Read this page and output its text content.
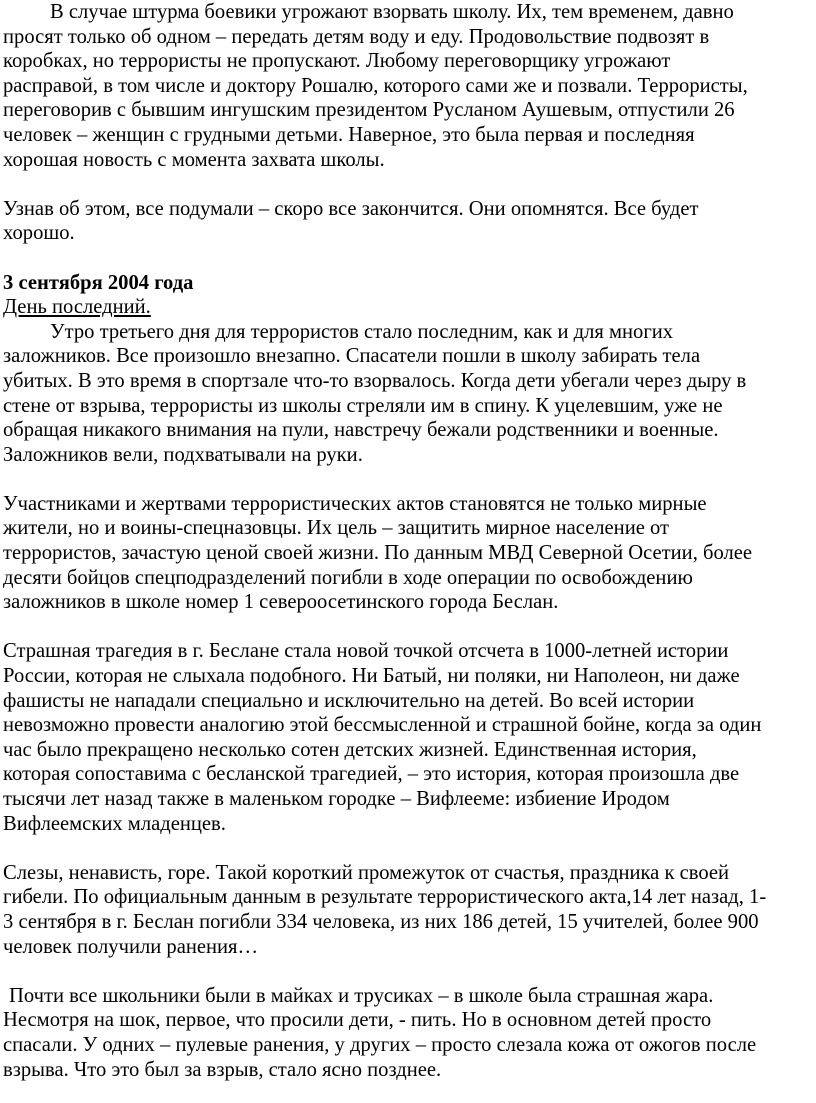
В случае штурма боевики угрожают взорвать школу. Их, тем временем, давно
просят только об одном – передать детям воду и еду. Продовольствие подвозят в
коробках, но террористы не пропускают. Любому переговорщику угрожают
расправой, в том числе и доктору Рошалю, которого сами же и позвали. Террористы,
переговорив с бывшим ингушским президентом Русланом Аушевым, отпустили 26
человек – женщин с грудными детьми. Наверное, это была первая и последняя
хорошая новость с момента захвата школы.
Узнав об этом, все подумали – скоро все закончится. Они опомнятся. Все будет
хорошо.
3 сентября 2004 года
День последний.
Утро третьего дня для террористов стало последним, как и для многих
заложников. Все произошло внезапно. Спасатели пошли в школу забирать тела
убитых. В это время в спортзале что-то взорвалось. Когда дети убегали через дыру в
стене от взрыва, террористы из школы стреляли им в спину. К уцелевшим, уже не
обращая никакого внимания на пули, навстречу бежали родственники и военные.
Заложников вели, подхватывали на руки.
Участниками и жертвами террористических актов становятся не только мирные
жители, но и воины-спецназовцы. Их цель – защитить мирное население от
террористов, зачастую ценой своей жизни. По данным МВД Северной Осетии, более
десяти бойцов спецподразделений погибли в ходе операции по освобождению
заложников в школе номер 1 североосетинского города Беслан.
Страшная трагедия в г. Беслане стала новой точкой отсчета в 1000-летней истории
России, которая не слыхала подобного. Ни Батый, ни поляки, ни Наполеон, ни даже
фашисты не нападали специально и исключительно на детей. Во всей истории
невозможно провести аналогию этой бессмысленной и страшной бойне, когда за один
час было прекращено несколько сотен детских жизней. Единственная история,
которая сопоставима с бесланской трагедией, – это история, которая произошла две
тысячи лет назад также в маленьком городке – Вифлееме: избиение Иродом
Вифлеемских младенцев.
Слезы, ненависть, горе. Такой короткий промежуток от счастья, праздника к своей
гибели. По официальным данным в результате террористического акта,14 лет назад, 1-
3 сентября в г. Беслан погибли 334 человека, из них 186 детей, 15 учителей, более 900
человек получили ранения…
Почти все школьники были в майках и трусиках – в школе была страшная жара.
Несмотря на шок, первое, что просили дети, - пить. Но в основном детей просто
спасали. У одних – пулевые ранения, у других – просто слезала кожа от ожогов после
взрыва. Что это был за взрыв, стало ясно позднее.
